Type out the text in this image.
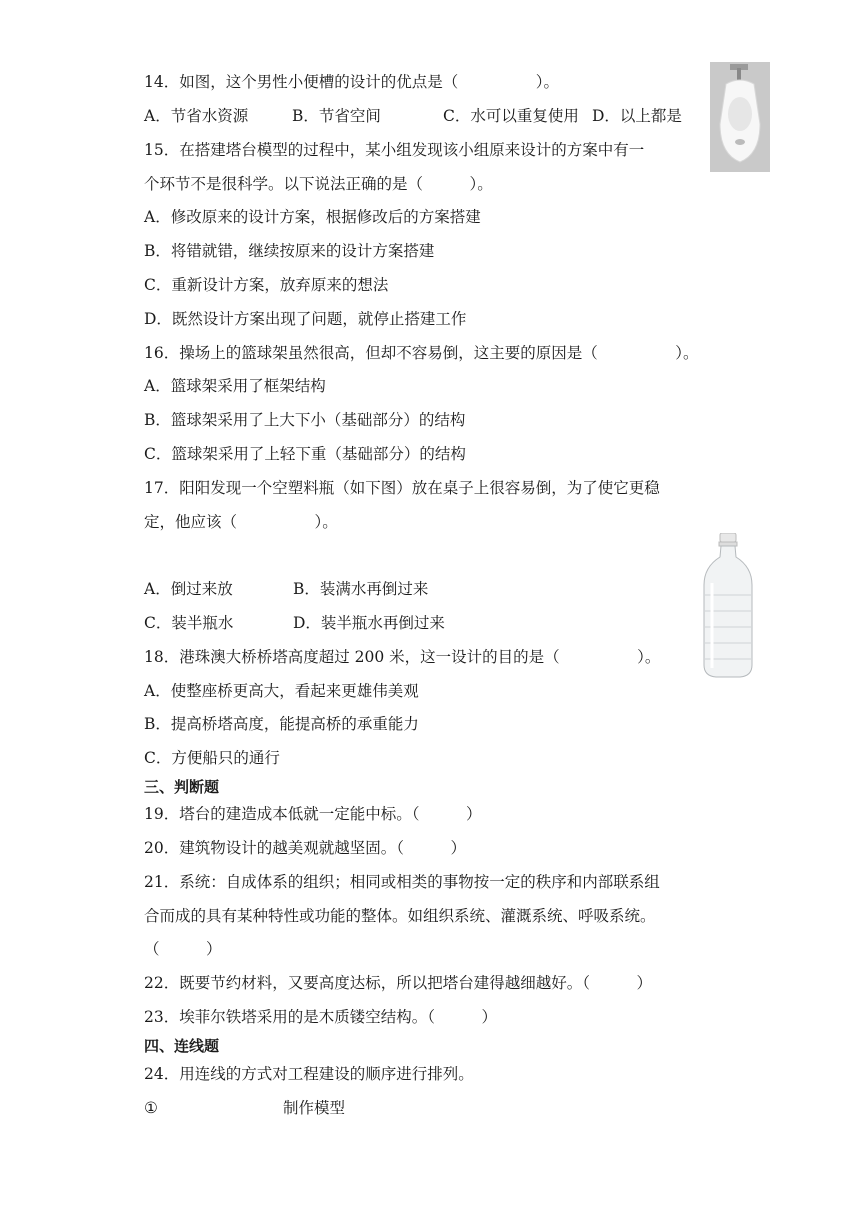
14．如图，这个男性小便槽的设计的优点是（　　　　　）。
A．节省水资源	B．节省空间	C．水可以重复使用 D．以上都是
15．在搭建塔台模型的过程中，某小组发现该小组原来设计的方案中有一
个环节不是很科学。以下说法正确的是（　　　）。
A．修改原来的设计方案，根据修改后的方案搭建
B．将错就错，继续按原来的设计方案搭建
C．重新设计方案，放弃原来的想法
D．既然设计方案出现了问题，就停止搭建工作
16．操场上的篮球架虽然很高，但却不容易倒，这主要的原因是（　　　　　）。
A．篮球架采用了框架结构
B．篮球架采用了上大下小（基础部分）的结构
C．篮球架采用了上轻下重（基础部分）的结构
17．阳阳发现一个空塑料瓶（如下图）放在桌子上很容易倒，为了使它更稳
定，他应该（　　　　　）。
A．倒过来放	B．装满水再倒过来
C．装半瓶水	D．装半瓶水再倒过来
18．港珠澳大桥桥塔高度超过 200 米，这一设计的目的是（　　　　　）。
A．使整座桥更高大，看起来更雄伟美观
B．提高桥塔高度，能提高桥的承重能力
C．方便船只的通行
三、判断题
19．塔台的建造成本低就一定能中标。（　　　）
20．建筑物设计的越美观就越坚固。（　　　）
21．系统：自成体系的组织；相同或相类的事物按一定的秩序和内部联系组
合而成的具有某种特性或功能的整体。如组织系统、灌溉系统、呼吸系统。
（　　　）
22．既要节约材料，又要高度达标，所以把塔台建得越细越好。（　　　）
23．埃菲尔铁塔采用的是木质镂空结构。（　　　）
四、连线题
24．用连线的方式对工程建设的顺序进行排列。
①	制作模型
